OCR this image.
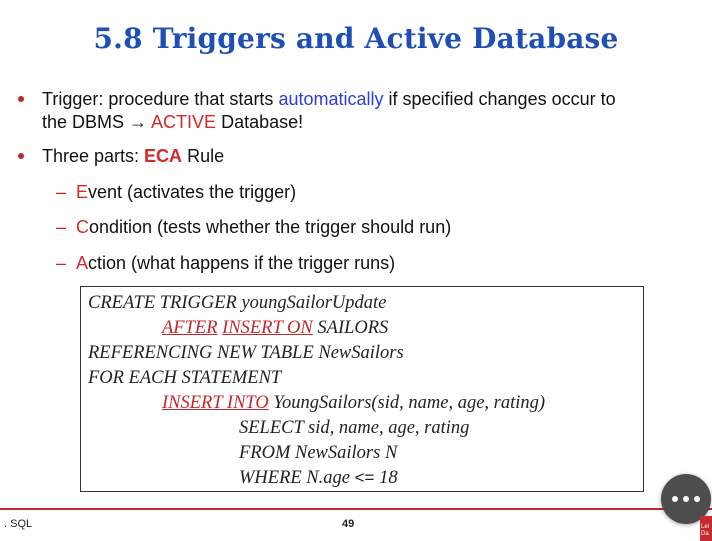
5.8 Triggers and Active Database
Trigger: procedure that starts automatically if specified changes occur to
the DBMS → ACTIVE Database!
Three parts: ECA Rule
– Event (activates the trigger)
– Condition (tests whether the trigger should run)
– Action (what happens if the trigger runs)
CREATE TRIGGER youngSailorUpdate
AFTER INSERT ON SAILORS
REFERENCING NEW TABLE NewSailors
FOR EACH STATEMENT
INSERT INTO YoungSailors(sid, name, age, rating)
SELECT sid, name, age, rating
FROM NewSailors N
WHERE N.age <= 18
. SQL	49	Lei
Da
